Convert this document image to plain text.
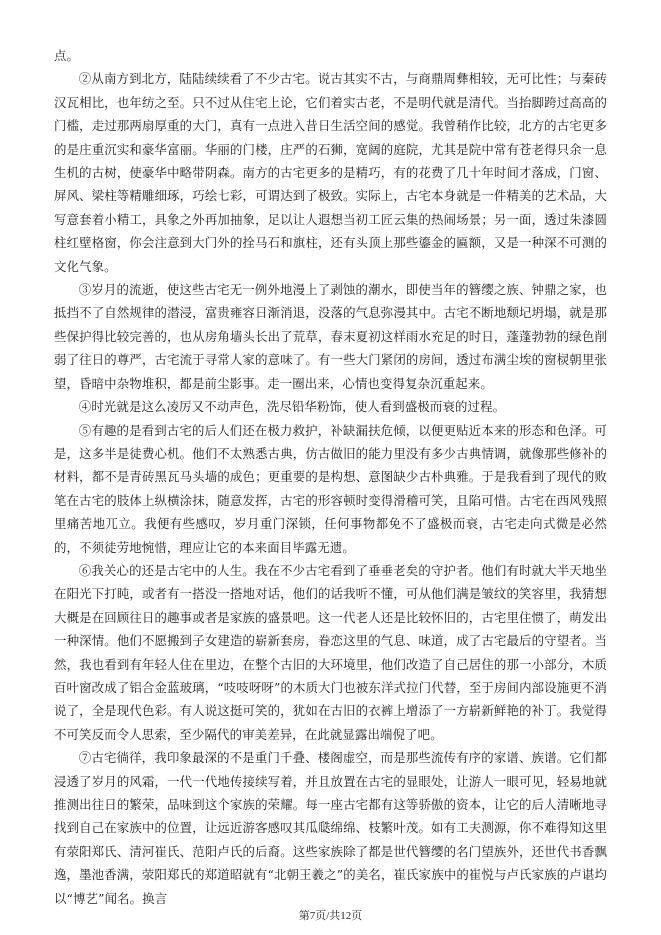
点。

②从南方到北方，陆陆续续看了不少古宅。说古其实不古，与商鼎周彝相较，无可比性；与秦砖汉瓦相比，也年纺之至。只不过从住宅上论，它们着实古老，不是明代就是清代。当抬脚跨过高高的门槛，走过那两扇厚重的大门，真有一点进入昔日生活空间的感觉。我曾稍作比较，北方的古宅更多的是庄重沉实和豪华富丽。华丽的门楼，庄严的石狮，宽阔的庭院，尤其是院中常有苍老得只余一息生机的古树，使豪华中略带阴森。南方的古宅更多的是精巧，有的花费了几十年时间才落成，门窗、屏风、梁柱等精雕细琢，巧绘七彩，可谓达到了极致。实际上，古宅本身就是一件精美的艺术品，大写意套着小精工，具象之外再加抽象，足以让人遐想当初工匠云集的热闹场景；另一面，透过朱漆圆柱红壁格窗，你会注意到大门外的拴马石和旗柱，还有头顶上那些鎏金的匾额，又是一种深不可测的文化气象。

③岁月的流逝，使这些古宅无一例外地漫上了剥蚀的潮水，即使当年的簪缨之族、钟鼎之家，也抵挡不了自然规律的潜浸，富贵雍容日渐消退，没落的气息弥漫其中。古宅不断地颓圮坍塌，就是那些保护得比较完善的，也从房角墙头长出了荒草，春末夏初这样雨水充足的时日，蓬蓬勃勃的绿色削弱了往日的尊严，古宅流于寻常人家的意味了。有一些大门紧闭的房间，透过布满尘埃的窗棂朝里张望，昏暗中杂物堆积，都是前尘影事。走一圈出来，心情也变得复杂沉重起来。

④时光就是这么凌厉又不动声色，洗尽铅华粉饰，使人看到盛极而衰的过程。

⑤有趣的是看到古宅的后人们还在极力救护，补缺漏扶危倾，以便更贴近本来的形态和色泽。可是，这多半是徒费心机。他们不太熟悉古典，仿古做旧的能力里没有多少古典情调，就像那些修补的材料，都不是青砖黑瓦马头墙的成色；更重要的是构想、意图缺少古朴典雅。于是我看到了现代的败笔在古宅的肢体上纵横涂抹，随意发挥，古宅的形容顿时变得滑稽可笑，且陷可惜。古宅在西风残照里痛苦地兀立。我便有些感叹，岁月重门深锁，任何事物都免不了盛极而衰，古宅走向式微是必然的，不须徒劳地惋惜，理应让它的本来面目毕露无遗。

⑥我关心的还是古宅中的人生。我在不少古宅看到了垂垂老矣的守护者。他们有时就大半天地坐在阳光下打盹，或者有一搭没一搭地对话，他们的话我听不懂，可从他们满是皱纹的笑容里，我猜想大概是在回顾往日的趣事或者是家族的盛景吧。这一代老人还是比较怀旧的，古宅里住惯了，萌发出一种深情。他们不愿搬到子女建造的崭新套房，眷恋这里的气息、味道，成了古宅最后的守望者。当然，我也看到有年轻人住在里边，在整个古旧的大环境里，他们改造了自己居住的那一小部分，木质百叶窗改成了铝合金蓝玻璃，“吱吱呀呀”的木质大门也被东洋式拉门代替，至于房间内部设施更不消说了，全是现代色彩。有人说这挺可笑的，犹如在古旧的衣裤上增添了一方崭新鲜艳的补丁。我觉得不可笑反而令人思索，至少隔代的审美差异，在此就显露出端倪了吧。

⑦古宅徜徉，我印象最深的不是重门千叠、楼阁虚空，而是那些流传有序的家谱、族谱。它们都浸透了岁月的风霜，一代一代地传接续写着，并且放置在古宅的显眼处，让游人一眼可见，轻易地就推测出往日的繁荣，品味到这个家族的荣耀。每一座古宅都有这等骄傲的资本，让它的后人清晰地寻找到自己在家族中的位置，让远近游客感叹其瓜瓞绵绵、枝繁叶茂。如有工夫测源，你不难得知这里有荥阳郑氏、清河崔氏、范阳卢氏的后裔。这些家族除了都是世代簪缨的名门望族外，还世代书香飘逸，墨池香满，荥阳郑氏的郑道昭就有“北朝王羲之”的美名，崔氏家族中的崔悦与卢氏家族的卢谌均以“博艺”闻名。换言

第7页/共12页
